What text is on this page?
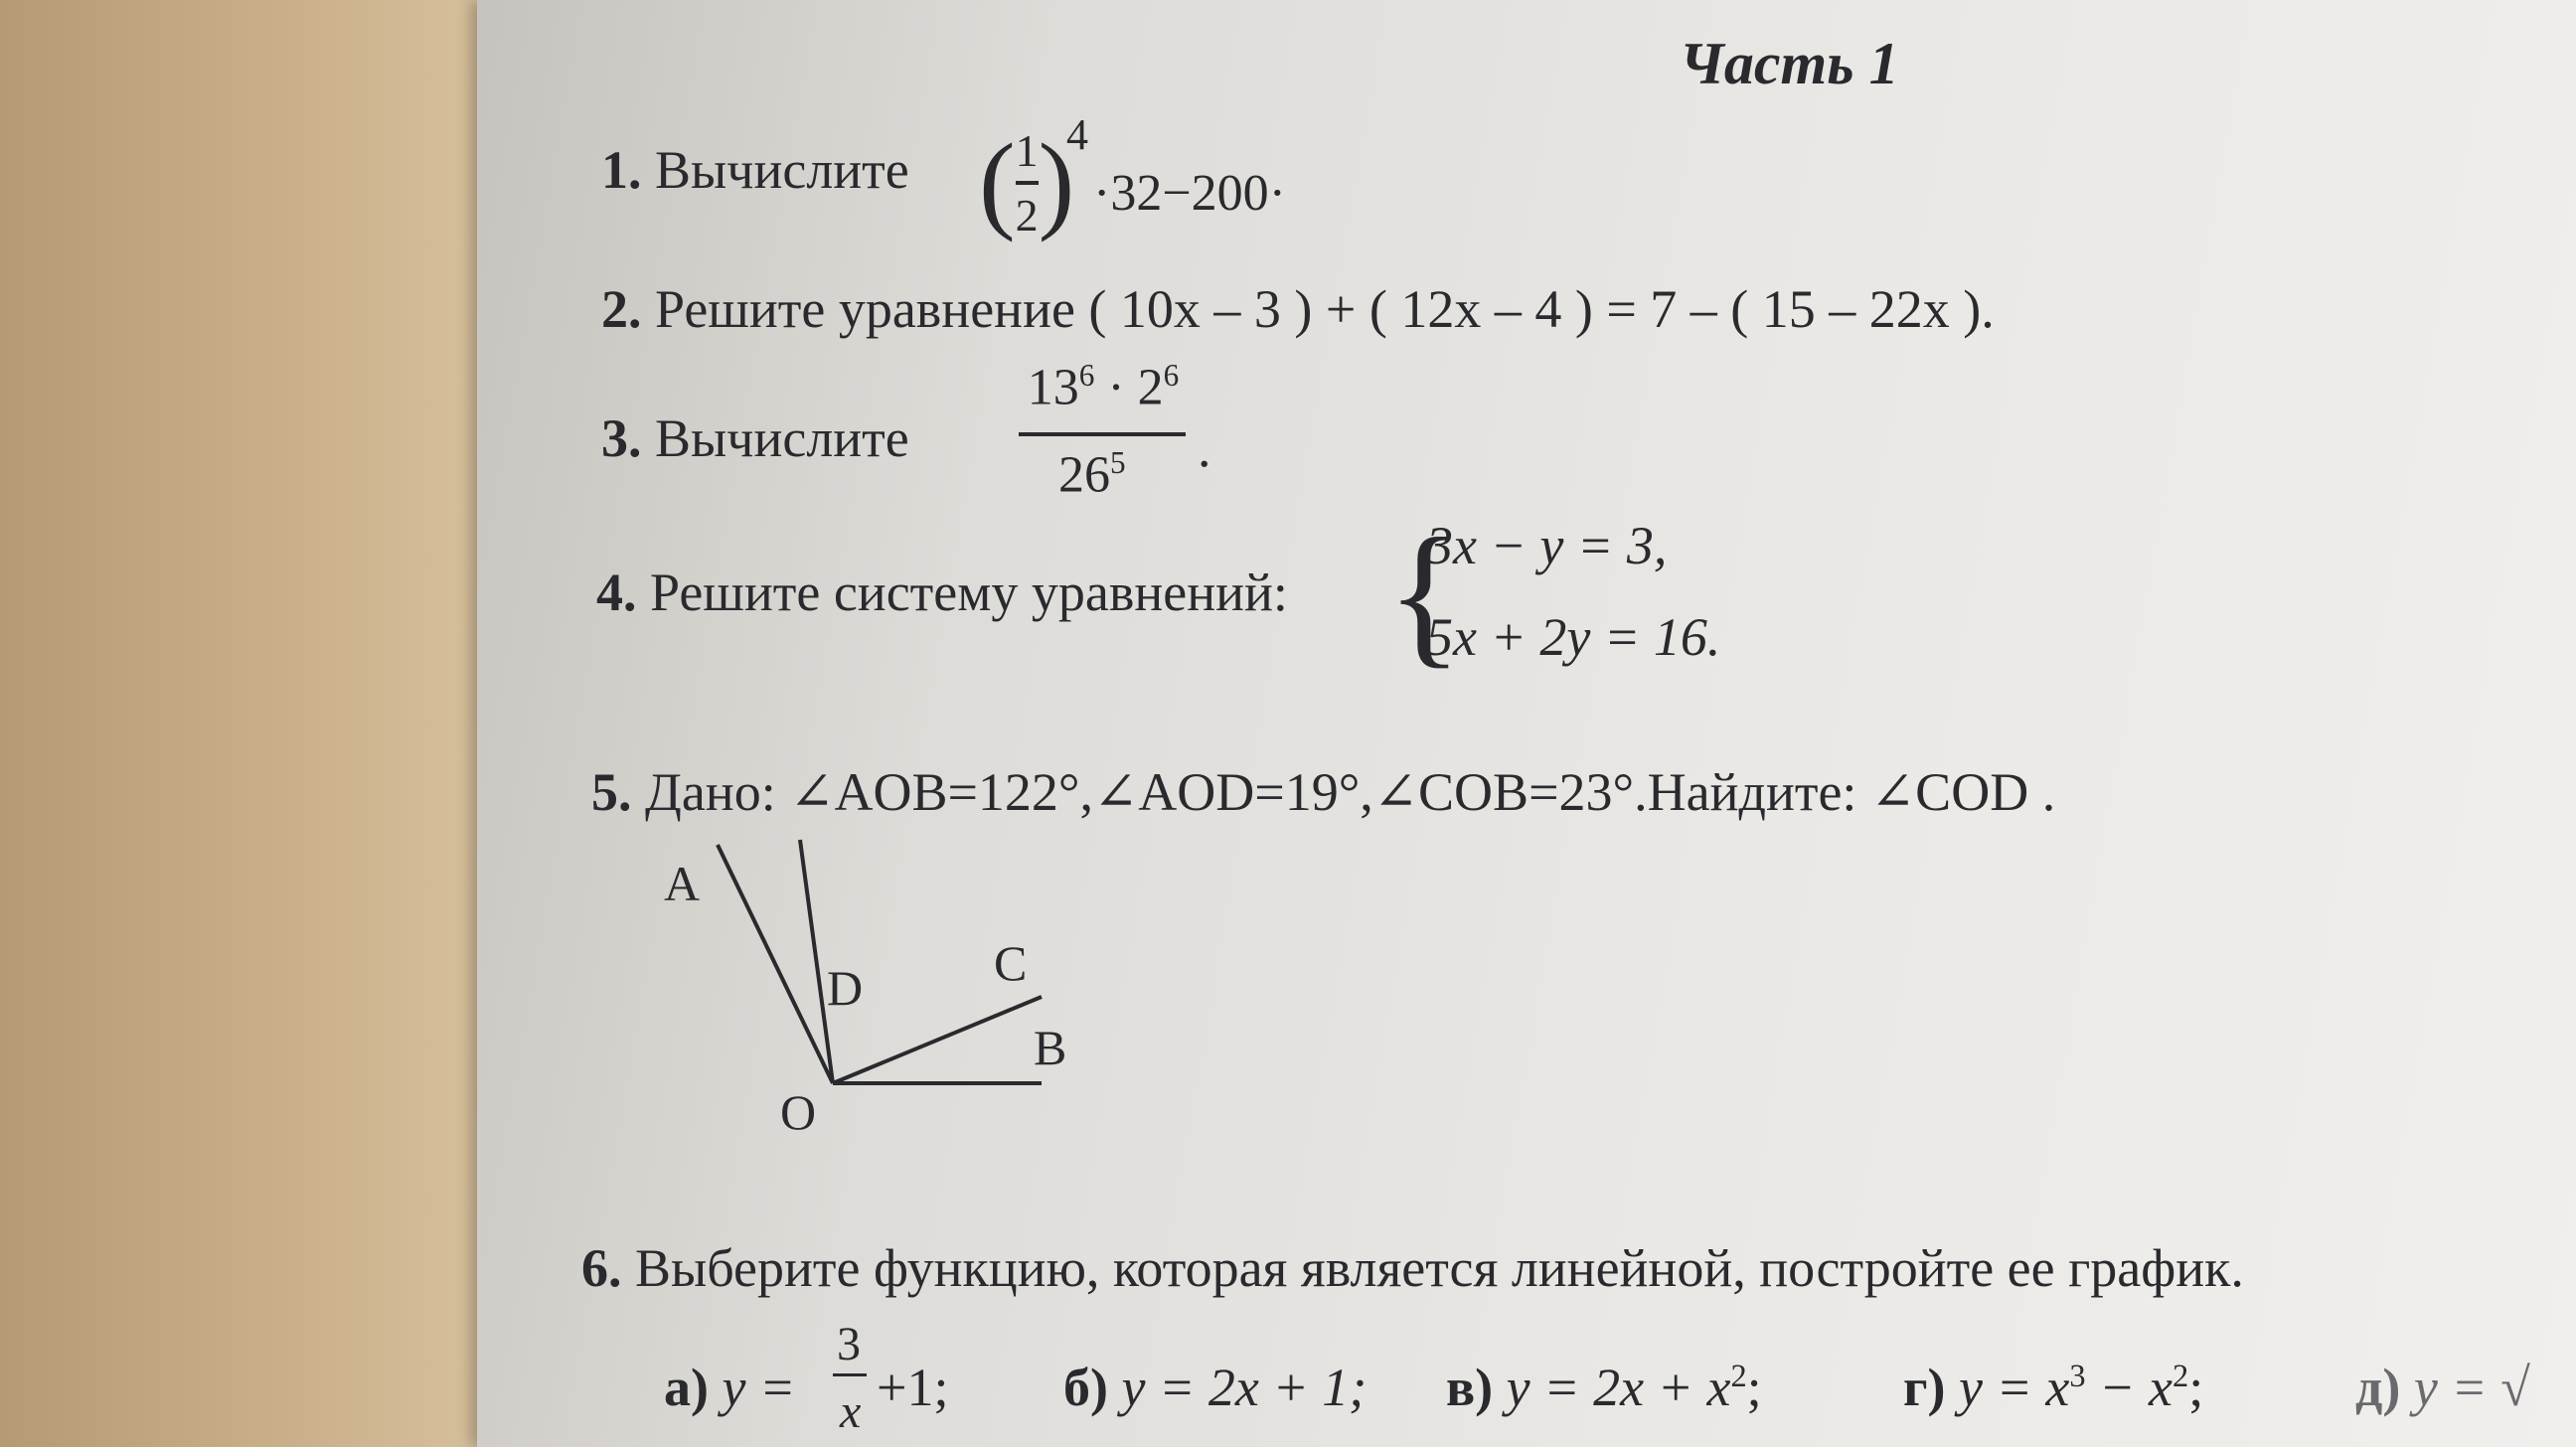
Часть 1
1. Вычислите ( $\frac{1}{2}$ )
4
·32−200·
2. Решите уравнение ( 10x – 3 ) + ( 12x – 4 ) = 7 – ( 15 – 22x ).
3. Вычислите
$13^6 \cdot 2^6$
$26^5$ .
4. Решите систему уравнений: {
3x − y = 3,
5x + 2y = 16.
5. Дано: ∠AOB=122°,∠AOD=19°,∠COB=23°.Найдите: ∠COD .
A
D	C
B
O
6. Выберите функцию, которая является линейной, постройте ее график.
а) y =
3
x +1; б) y = 2x + 1; в) $y = 2x + x^2$;	г) $y = x^3 - x^2$;	д) y = √
